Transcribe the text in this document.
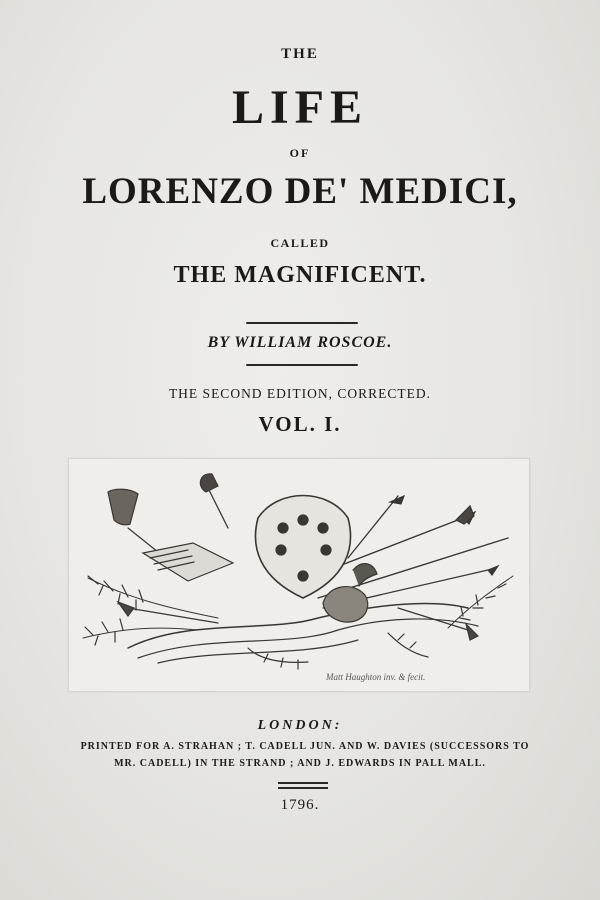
THE
LIFE
OF
LORENZO DE' MEDICI,
CALLED
THE MAGNIFICENT.
BY WILLIAM ROSCOE.
THE SECOND EDITION, CORRECTED.
VOL. I.
Matt Haughton inv. & fecit.
LONDON:
PRINTED FOR A. STRAHAN ; T. CADELL JUN. AND W. DAVIES (SUCCESSORS TO
MR. CADELL) IN THE STRAND ; AND J. EDWARDS IN PALL MALL.
1796.
